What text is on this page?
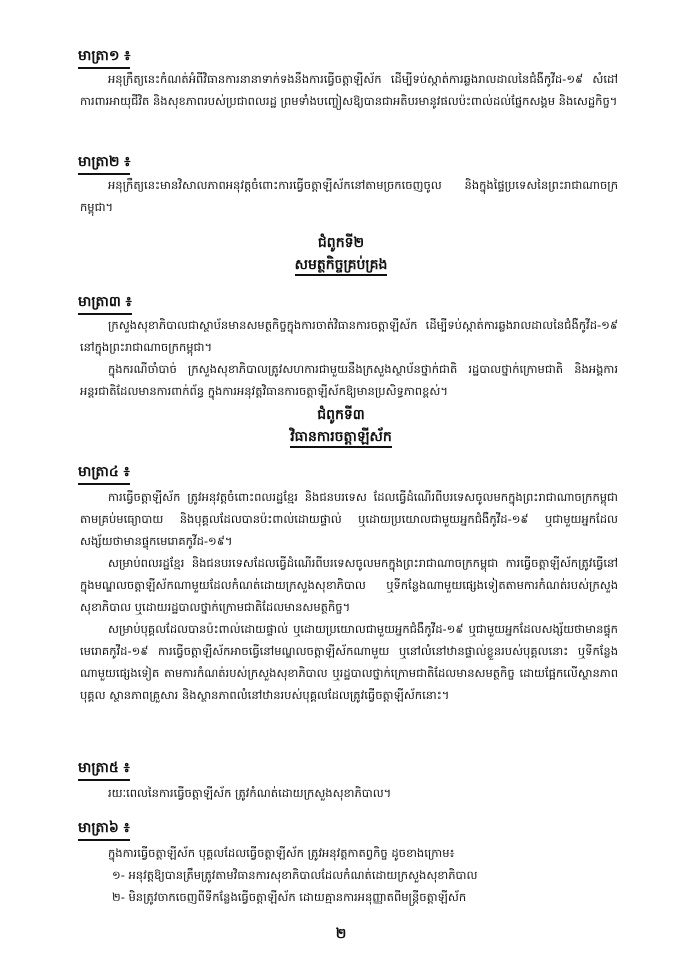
មាត្រា១ ៖
អនុក្រឹត្យនេះកំណត់អំពីវិធានការនានាទាក់ទងនឹងការធ្វើចត្តាឡីស័ក ដើម្បីទប់ស្កាត់ការឆ្លងរាលដាលនៃជំងឺកូវីដ-១៩ សំដៅការពារអាយុជីវិត និងសុខភាពរបស់ប្រជាពលរដ្ឋ ព្រមទាំងបញ្ចៀសឱ្យបានជាអតិបរមានូវផលប៉ះពាល់ដល់ផ្នែកសង្គម និងសេដ្ឋកិច្ច។
មាត្រា២ ៖
អនុក្រឹត្យនេះមានវិសាលភាពអនុវត្តចំពោះការធ្វើចត្តាឡីស័កនៅតាមច្រកចេញចូល និងក្នុងផ្ទៃប្រទេសនៃព្រះរាជាណាចក្រកម្ពុជា។
ជំពូកទី២
សមត្ថកិច្ចគ្រប់គ្រង
មាត្រា៣ ៖
ក្រសួងសុខាភិបាលជាស្ថាប័នមានសមត្ថកិច្ចក្នុងការចាត់វិធានការចត្តាឡីស័ក ដើម្បីទប់ស្កាត់ការឆ្លងរាលដាលនៃជំងឺកូវីដ-១៩ នៅក្នុងព្រះរាជាណាចក្រកម្ពុជា។
ក្នុងករណីចាំបាច់ ក្រសួងសុខាភិបាលត្រូវសហការជាមួយនឹងក្រសួងស្ថាប័នថ្នាក់ជាតិ រដ្ឋបាលថ្នាក់ក្រោមជាតិ និងអង្គការអន្តរជាតិដែលមានការពាក់ព័ន្ធ ក្នុងការអនុវត្តវិធានការចត្តាឡីស័កឱ្យមានប្រសិទ្ធភាពខ្ពស់។
ជំពូកទី៣
វិធានការចត្តាឡីស័ក
មាត្រា៤ ៖
ការធ្វើចត្តាឡីស័ក ត្រូវអនុវត្តចំពោះពលរដ្ឋខ្មែរ និងជនបរទេស ដែលធ្វើដំណើរពីបរទេសចូលមកក្នុងព្រះរាជាណាចក្រកម្ពុជាតាមគ្រប់មធ្យោបាយ និងបុគ្គលដែលបានប៉ះពាល់ដោយផ្ទាល់ ឬដោយប្រយោលជាមួយអ្នកជំងឺកូវីដ-១៩ ឬជាមួយអ្នកដែលសង្ស័យថាមានផ្ទុកមេរោគកូវីដ-១៩។
សម្រាប់ពលរដ្ឋខ្មែរ និងជនបរទេសដែលធ្វើដំណើរពីបរទេសចូលមកក្នុងព្រះរាជាណាចក្រកម្ពុជា ការធ្វើចត្តាឡីស័កត្រូវធ្វើនៅក្នុងមណ្ឌលចត្តាឡីស័កណាមួយដែលកំណត់ដោយក្រសួងសុខាភិបាល ឬទីកន្លែងណាមួយផ្សេងទៀតតាមការកំណត់របស់ក្រសួងសុខាភិបាល ឬដោយរដ្ឋបាលថ្នាក់ក្រោមជាតិដែលមានសមត្ថកិច្ច។
សម្រាប់បុគ្គលដែលបានប៉ះពាល់ដោយផ្ទាល់ ឬដោយប្រយោលជាមួយអ្នកជំងឺកូវីដ-១៩ ឬជាមួយអ្នកដែលសង្ស័យថាមានផ្ទុកមេរោគកូវីដ-១៩ ការធ្វើចត្តាឡីស័កអាចធ្វើនៅមណ្ឌលចត្តាឡីស័កណាមួយ ឬនៅលំនៅឋានផ្ទាល់ខ្លួនរបស់បុគ្គលនោះ ឬទីកន្លែងណាមួយផ្សេងទៀត តាមការកំណត់របស់ក្រសួងសុខាភិបាល ឬរដ្ឋបាលថ្នាក់ក្រោមជាតិដែលមានសមត្ថកិច្ច ដោយផ្អែកលើស្ថានភាពបុគ្គល ស្ថានភាពគ្រួសារ និងស្ថានភាពលំនៅឋានរបស់បុគ្គលដែលត្រូវធ្វើចត្តាឡីស័កនោះ។
មាត្រា៥ ៖
រយៈពេលនៃការធ្វើចត្តាឡីស័ក ត្រូវកំណត់ដោយក្រសួងសុខាភិបាល។
មាត្រា៦ ៖
ក្នុងការធ្វើចត្តាឡីស័ក បុគ្គលដែលធ្វើចត្តាឡីស័ក ត្រូវអនុវត្តកាតព្វកិច្ច ដូចខាងក្រោម៖
១- អនុវត្តឱ្យបានត្រឹមត្រូវតាមវិធានការសុខាភិបាលដែលកំណត់ដោយក្រសួងសុខាភិបាល
២- មិនត្រូវចាកចេញពីទីកន្លែងធ្វើចត្តាឡីស័ក ដោយគ្មានការអនុញ្ញាតពីមន្ត្រីចត្តាឡីស័ក
២
